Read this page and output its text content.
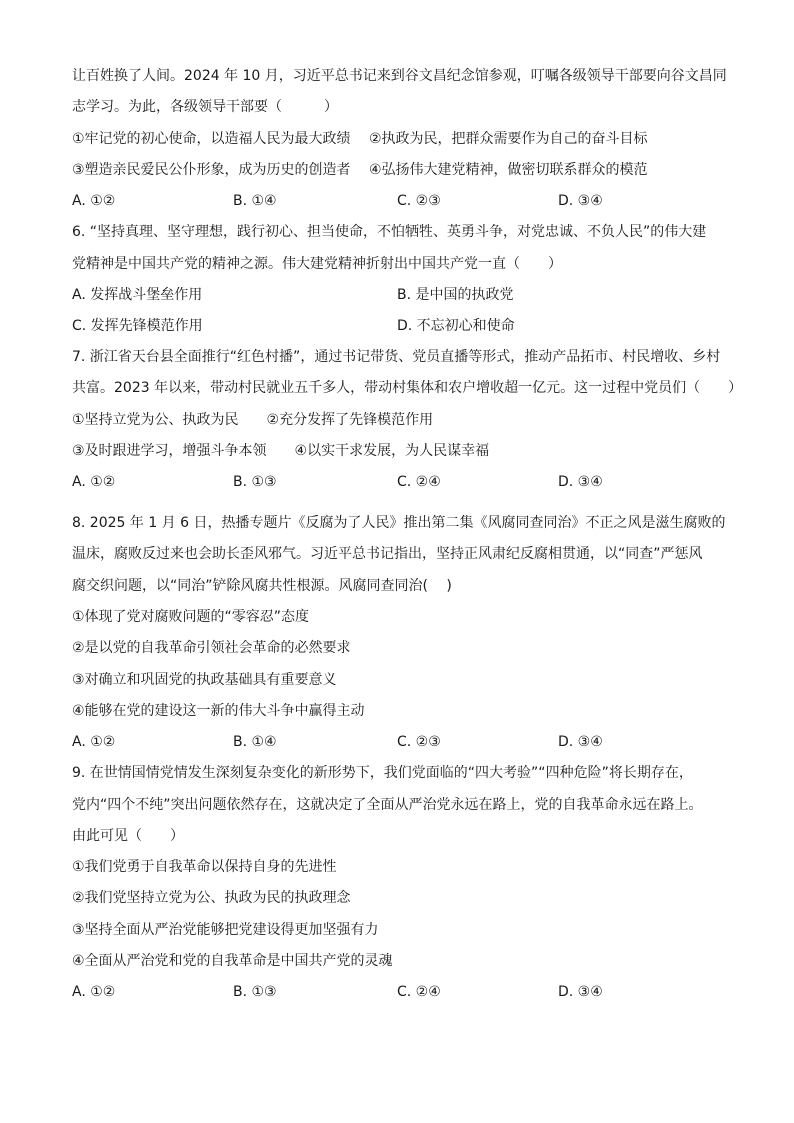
让百姓换了人间。2024 年 10 月，习近平总书记来到谷文昌纪念馆参观，叮嘱各级领导干部要向谷文昌同
志学习。为此，各级领导干部要（　　　）
①牢记党的初心使命，以造福人民为最大政绩　 ②执政为民，把群众需要作为自己的奋斗目标
③塑造亲民爱民公仆形象，成为历史的创造者　 ④弘扬伟大建党精神，做密切联系群众的模范
A. ①②	B. ①④	C. ②③	D. ③④
6. “坚持真理、坚守理想，践行初心、担当使命，不怕牺牲、英勇斗争，对党忠诚、不负人民”的伟大建
党精神是中国共产党的精神之源。伟大建党精神折射出中国共产党一直（　　）
A. 发挥战斗堡垒作用	B. 是中国的执政党
C. 发挥先锋模范作用	D. 不忘初心和使命
7. 浙江省天台县全面推行“红色村播”，通过书记带货、党员直播等形式，推动产品拓市、村民增收、乡村
共富。2023 年以来，带动村民就业五千多人，带动村集体和农户增收超一亿元。这一过程中党员们（　　）
①坚持立党为公、执政为民　　②充分发挥了先锋模范作用
③及时跟进学习，增强斗争本领　　④以实干求发展，为人民谋幸福
A. ①②	B. ①③	C. ②④	D. ③④
8. 2025 年 1 月 6 日，热播专题片《反腐为了人民》推出第二集《风腐同查同治》不正之风是滋生腐败的
温床，腐败反过来也会助长歪风邪气。习近平总书记指出，坚持正风肃纪反腐相贯通，以“同查”严惩风
腐交织问题，以“同治”铲除风腐共性根源。风腐同查同治(　 )
①体现了党对腐败问题的“零容忍”态度
②是以党的自我革命引领社会革命的必然要求
③对确立和巩固党的执政基础具有重要意义
④能够在党的建设这一新的伟大斗争中赢得主动
A. ①②	B. ①④	C. ②③	D. ③④
9. 在世情国情党情发生深刻复杂变化的新形势下，我们党面临的“四大考验”“四种危险”将长期存在，
党内“四个不纯”突出问题依然存在，这就决定了全面从严治党永远在路上，党的自我革命永远在路上。
由此可见（　　）
①我们党勇于自我革命以保持自身的先进性
②我们党坚持立党为公、执政为民的执政理念
③坚持全面从严治党能够把党建设得更加坚强有力
④全面从严治党和党的自我革命是中国共产党的灵魂
A. ①②	B. ①③	C. ②④	D. ③④
